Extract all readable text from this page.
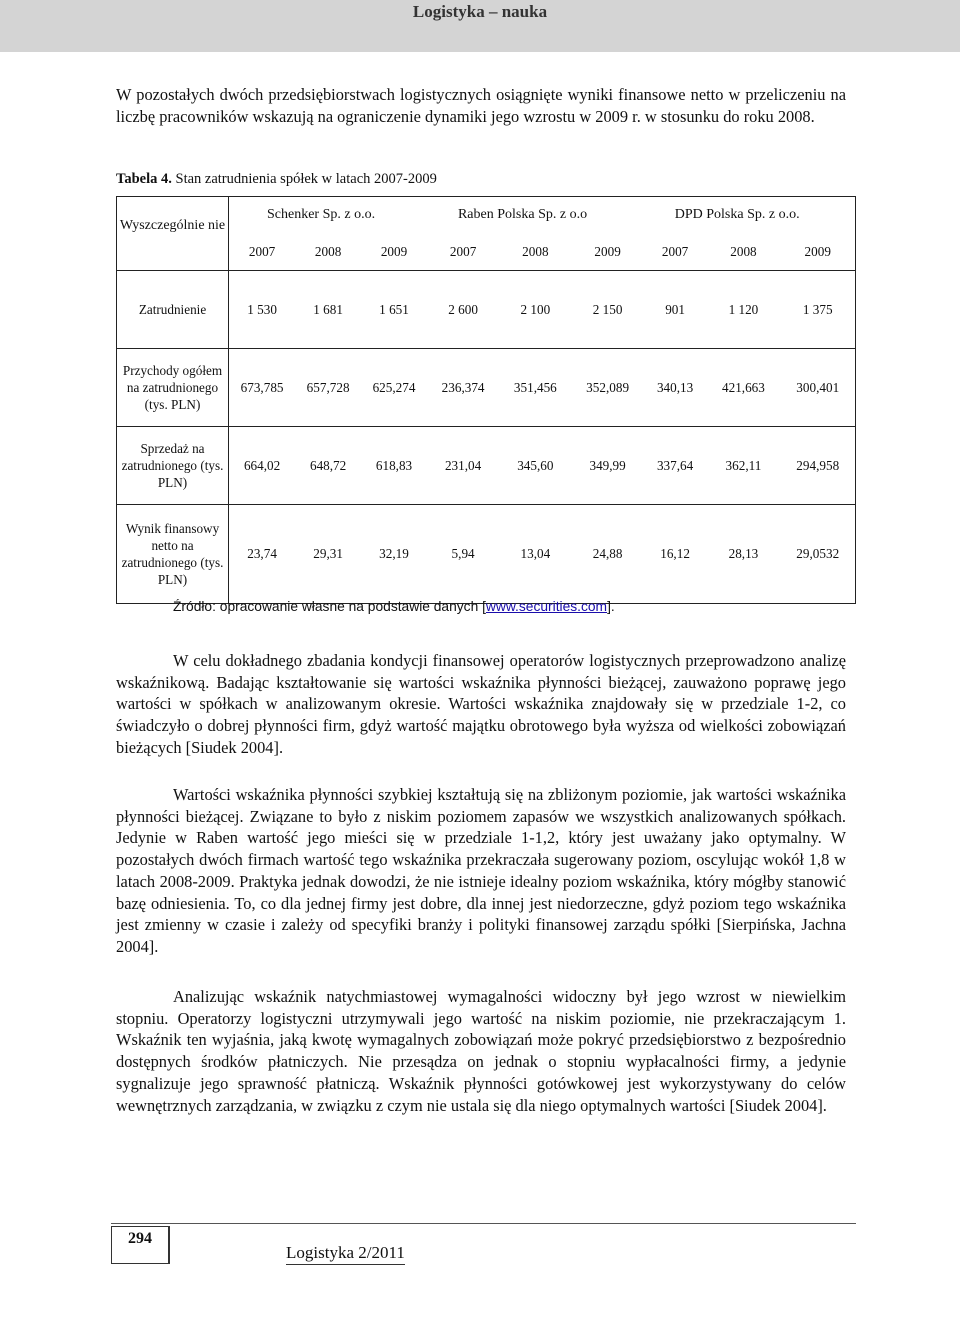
Logistyka – nauka

W pozostałych dwóch przedsiębiorstwach logistycznych osiągnięte wyniki finansowe netto w przeliczeniu na liczbę pracowników wskazują na ograniczenie dynamiki jego wzrostu w 2009 r. w stosunku do roku 2008.

Tabela 4. Stan zatrudnienia spółek w latach 2007-2009
Wyszczególnie nie	Schenker Sp. z o.o.			Raben Polska Sp. z o.o			DPD Polska Sp. z o.o.		
	2007	2008	2009	2007	2008	2009	2007	2008	2009
Zatrudnienie	1 530	1 681	1 651	2 600	2 100	2 150	901	1 120	1 375
Przychody ogółem na zatrudnionego (tys. PLN)	673,785	657,728	625,274	236,374	351,456	352,089	340,13	421,663	300,401
Sprzedaż na zatrudnionego (tys. PLN)	664,02	648,72	618,83	231,04	345,60	349,99	337,64	362,11	294,958
Wynik finansowy netto na zatrudnionego (tys. PLN)	23,74	29,31	32,19	5,94	13,04	24,88	16,12	28,13	29,0532
Źródło: opracowanie własne na podstawie danych [www.securities.com].

W celu dokładnego zbadania kondycji finansowej operatorów logistycznych przeprowadzono analizę wskaźnikową. Badając kształtowanie się wartości wskaźnika płynności bieżącej, zauważono poprawę jego wartości w spółkach w analizowanym okresie. Wartości wskaźnika znajdowały się w przedziale 1-2, co świadczyło o dobrej płynności firm, gdyż wartość majątku obrotowego była wyższa od wielkości zobowiązań bieżących [Siudek 2004].

Wartości wskaźnika płynności szybkiej kształtują się na zbliżonym poziomie, jak wartości wskaźnika płynności bieżącej. Związane to było z niskim poziomem zapasów we wszystkich analizowanych spółkach. Jedynie w Raben wartość jego mieści się w przedziale 1-1,2, który jest uważany jako optymalny. W pozostałych dwóch firmach wartość tego wskaźnika przekraczała sugerowany poziom, oscylując wokół 1,8 w latach 2008-2009. Praktyka jednak dowodzi, że nie istnieje idealny poziom wskaźnika, który mógłby stanowić bazę odniesienia. To, co dla jednej firmy jest dobre, dla innej jest niedorzeczne, gdyż poziom tego wskaźnika jest zmienny w czasie i zależy od specyfiki branży i polityki finansowej zarządu spółki [Sierpińska, Jachna 2004].

Analizując wskaźnik natychmiastowej wymagalności widoczny był jego wzrost w niewielkim stopniu. Operatorzy logistyczni utrzymywali jego wartość na niskim poziomie, nie przekraczającym 1. Wskaźnik ten wyjaśnia, jaką kwotę wymagalnych zobowiązań może pokryć przedsiębiorstwo z bezpośrednio dostępnych środków płatniczych. Nie przesądza on jednak o stopniu wypłacalności firmy, a jedynie sygnalizuje jego sprawność płatniczą. Wskaźnik płynności gotówkowej jest wykorzystywany do celów wewnętrznych zarządzania, w związku z czym nie ustala się dla niego optymalnych wartości [Siudek 2004].

294
Logistyka 2/2011
